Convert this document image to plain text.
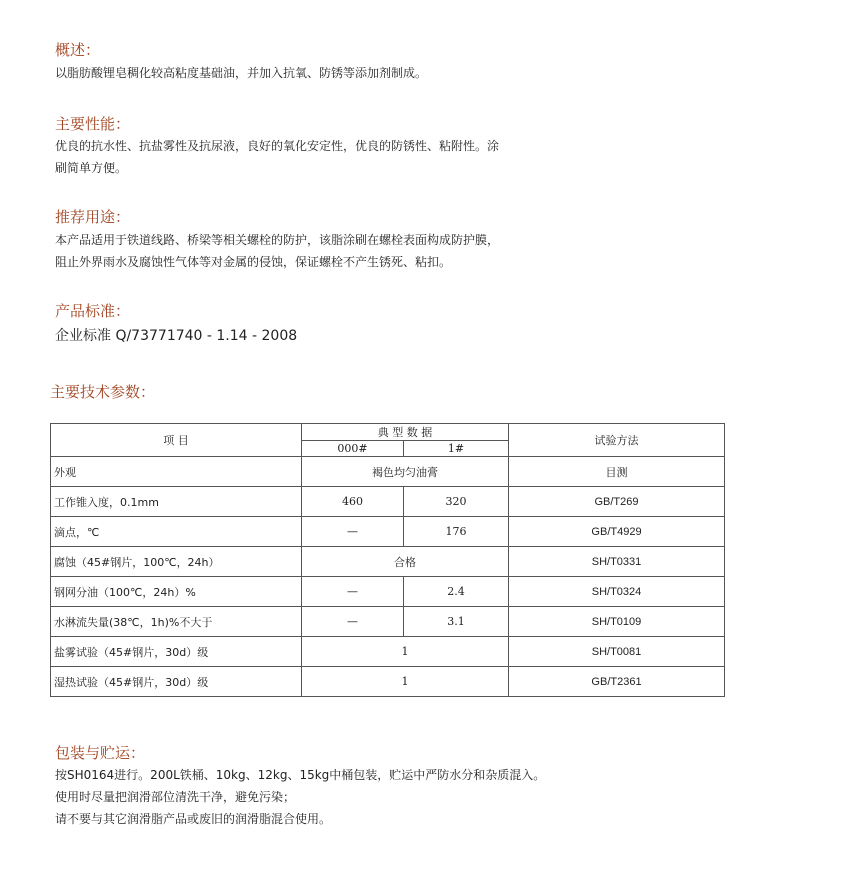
概述：

以脂肪酸锂皂稠化较高粘度基础油，并加入抗氧、防锈等添加剂制成。

主要性能：

优良的抗水性、抗盐雾性及抗尿液，良好的氧化安定性，优良的防锈性、粘附性。涂

刷简单方便。

推荐用途：

本产品适用于铁道线路、桥梁等相关螺栓的防护，该脂涂刷在螺栓表面构成防护膜，

阻止外界雨水及腐蚀性气体等对金属的侵蚀，保证螺栓不产生锈死、粘扣。

产品标准：
企业标准 Q/73771740 - 1.14 - 2008
主要技术参数：
项 目	典 型 数 据		试验方法
	000#	1#	
外观	褐色均匀油膏		目测
工作锥入度，0.1mm	460	320	GB/T269
滴点，℃	—	176	GB/T4929
腐蚀（45#钢片，100℃，24h）	合格		SH/T0331
钢网分油（100℃，24h）%	—	2.4	SH/T0324
水淋流失量(38℃，1h)%不大于	—	3.1	SH/T0109
盐雾试验（45#钢片，30d）级	1		SH/T0081
湿热试验（45#钢片，30d）级	1		GB/T2361
包装与贮运：

按SH0164进行。200L铁桶、10kg、12kg、15kg中桶包装，贮运中严防水分和杂质混入。

使用时尽量把润滑部位清洗干净，避免污染；

请不要与其它润滑脂产品或废旧的润滑脂混合使用。
